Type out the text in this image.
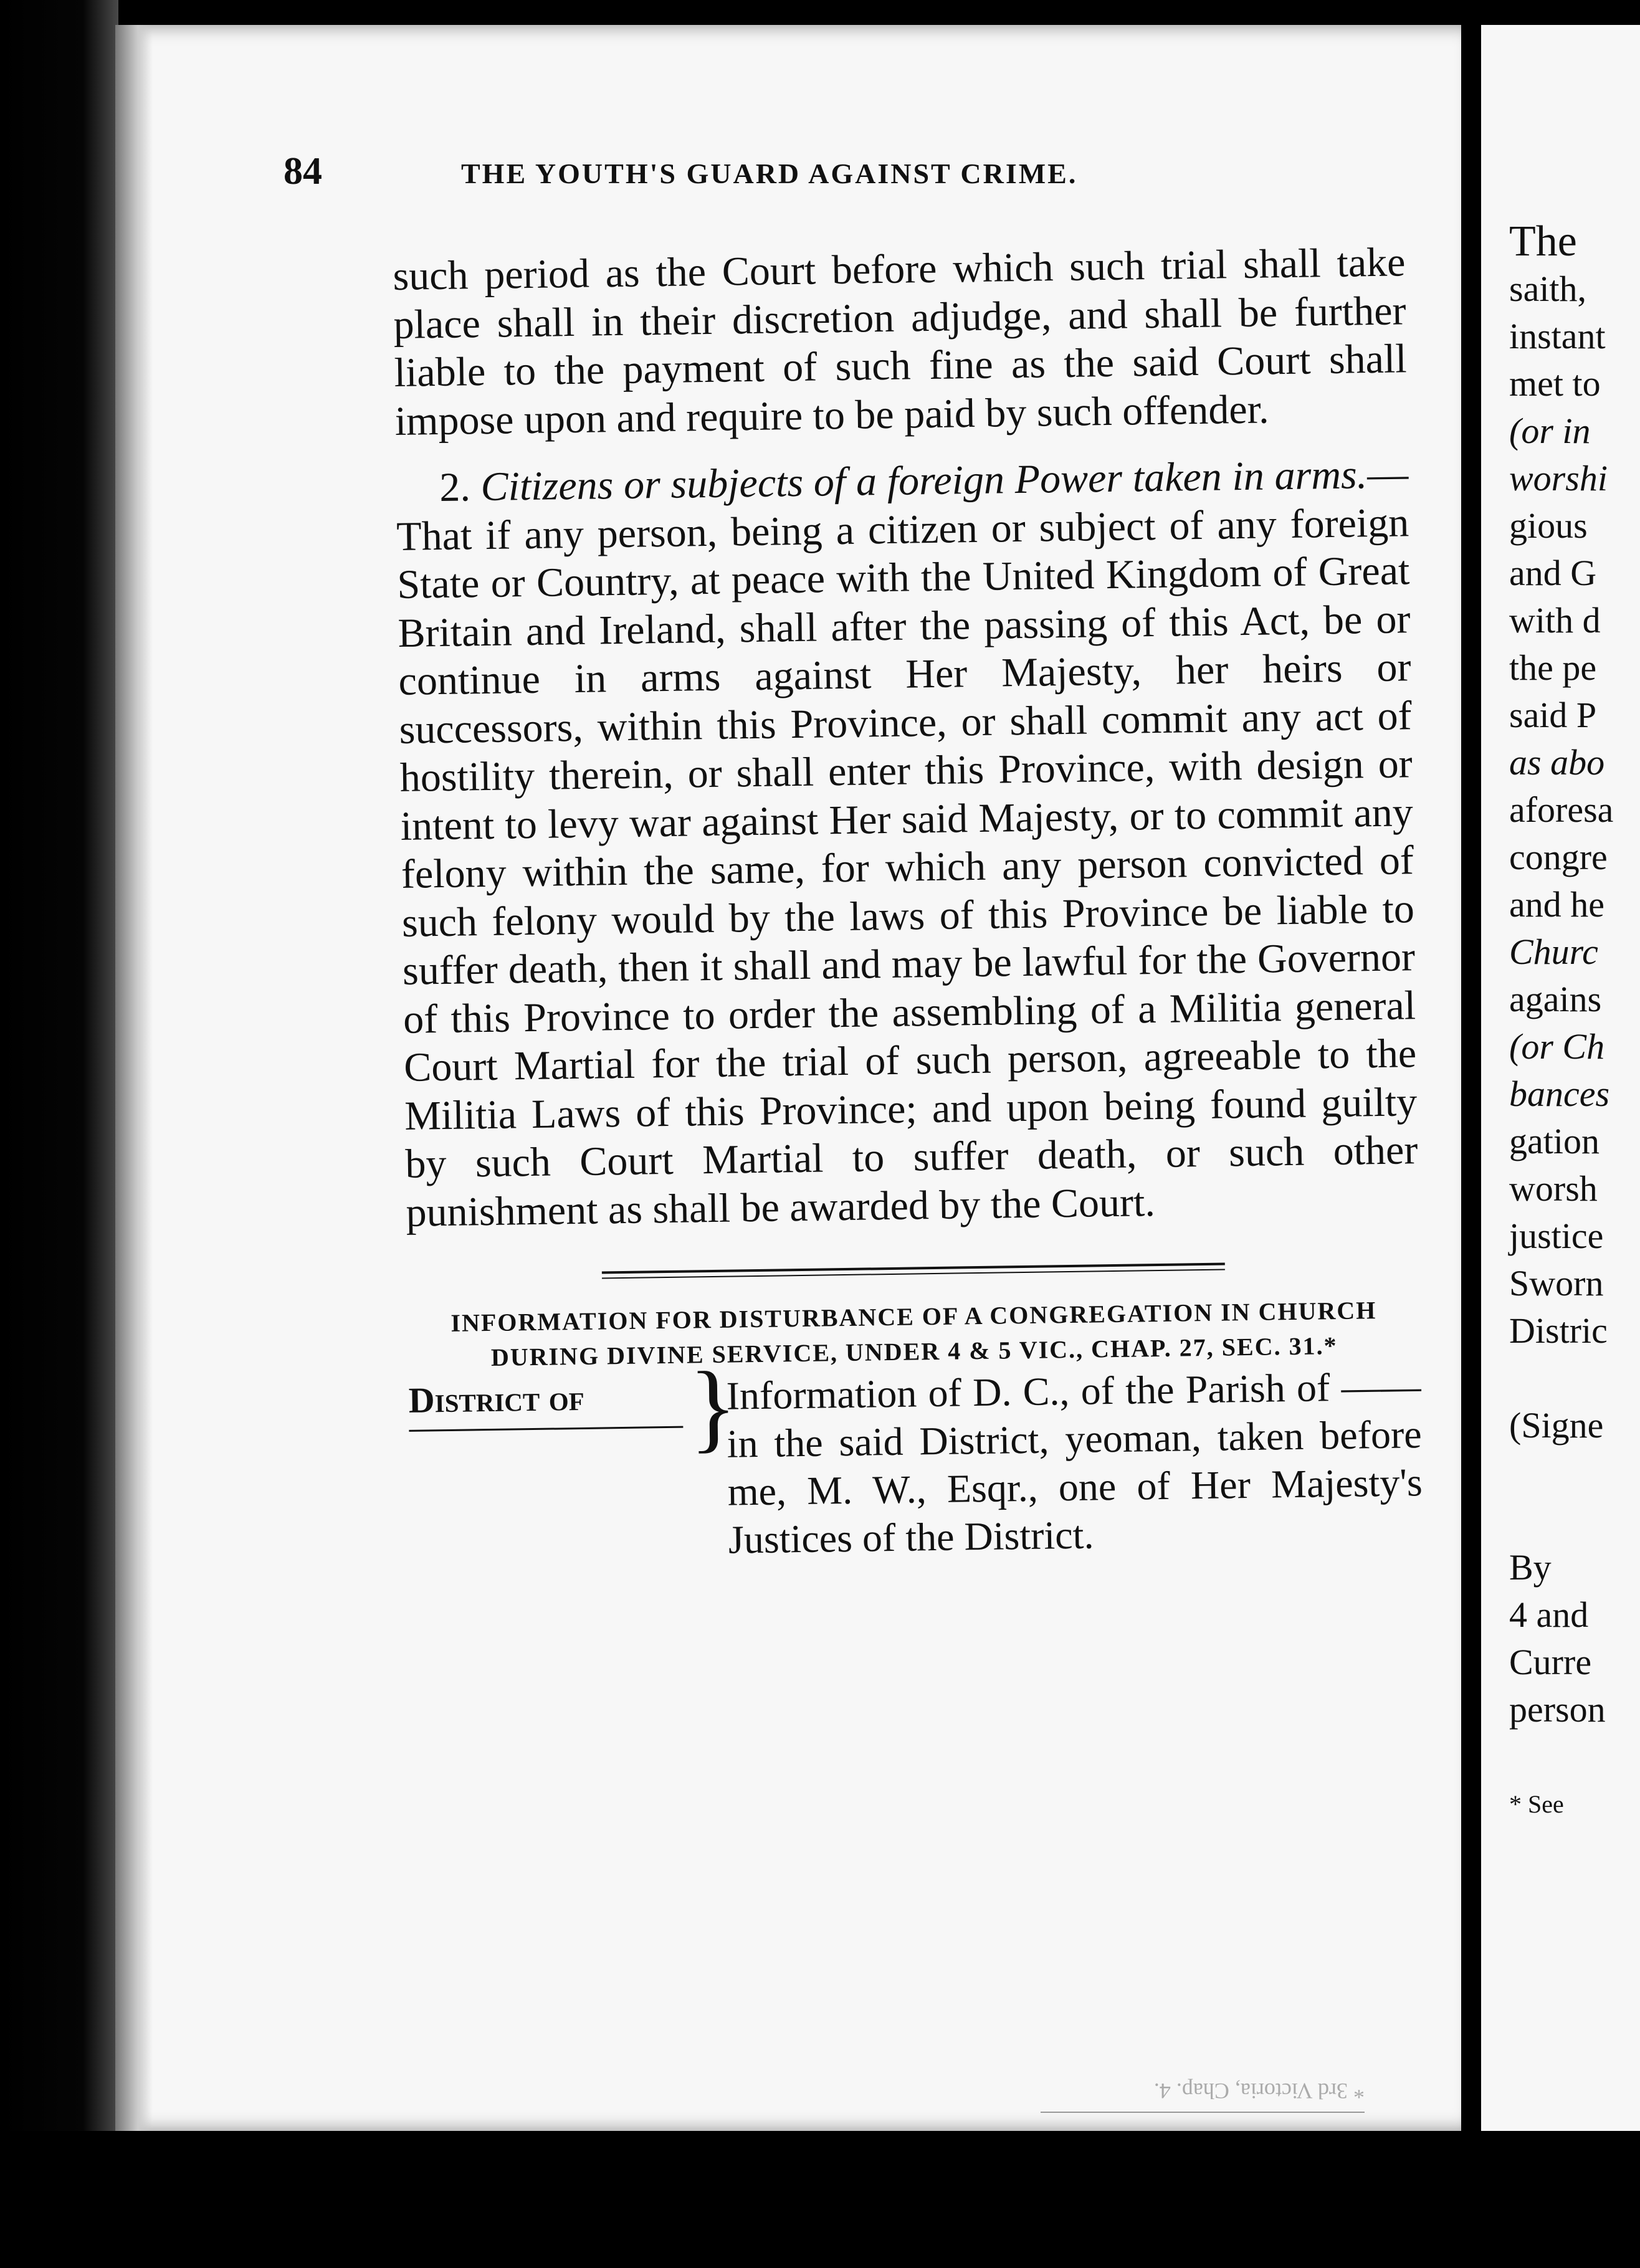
The
saith,
instant
met to
(or in
worshi
gious
and G
with d
the pe
said P
as abo
aforesa
congre
and he
Churc
agains
(or Ch
bances
gation
worsh
justice
Sworn
Distric
(Signe
By
4 and
Curre
person
* See
84	THE YOUTH'S GUARD AGAINST CRIME.

such period as the Court before which such trial shall take place shall in their discretion adjudge, and shall be further liable to the payment of such fine as the said Court shall impose upon and require to be paid by such offender.

2. Citizens or subjects of a foreign Power taken in arms.—That if any person, being a citizen or subject of any foreign State or Country, at peace with the United Kingdom of Great Britain and Ireland, shall after the passing of this Act, be or continue in arms against Her Majesty, her heirs or successors, within this Province, or shall commit any act of hostility therein, or shall enter this Province, with design or intent to levy war against Her said Majesty, or to commit any felony within the same, for which any person convicted of such felony would by the laws of this Province be liable to suffer death, then it shall and may be lawful for the Governor of this Province to order the assembling of a Militia general Court Martial for the trial of such person, agreeable to the Militia Laws of this Province; and upon being found guilty by such Court Martial to suffer death, or such other punishment as shall be awarded by the Court.

INFORMATION FOR DISTURBANCE OF A CONGREGATION IN CHURCH DURING DIVINE SERVICE, UNDER 4 & 5 VIC., CHAP. 27, SEC. 31.*

District of	}
Information of D. C., of the Parish of —— in the said District, yeoman, taken before me, M. W., Esqr., one of Her Majesty's Justices of the District.
* 3rd Victoria, Chap. 4.
